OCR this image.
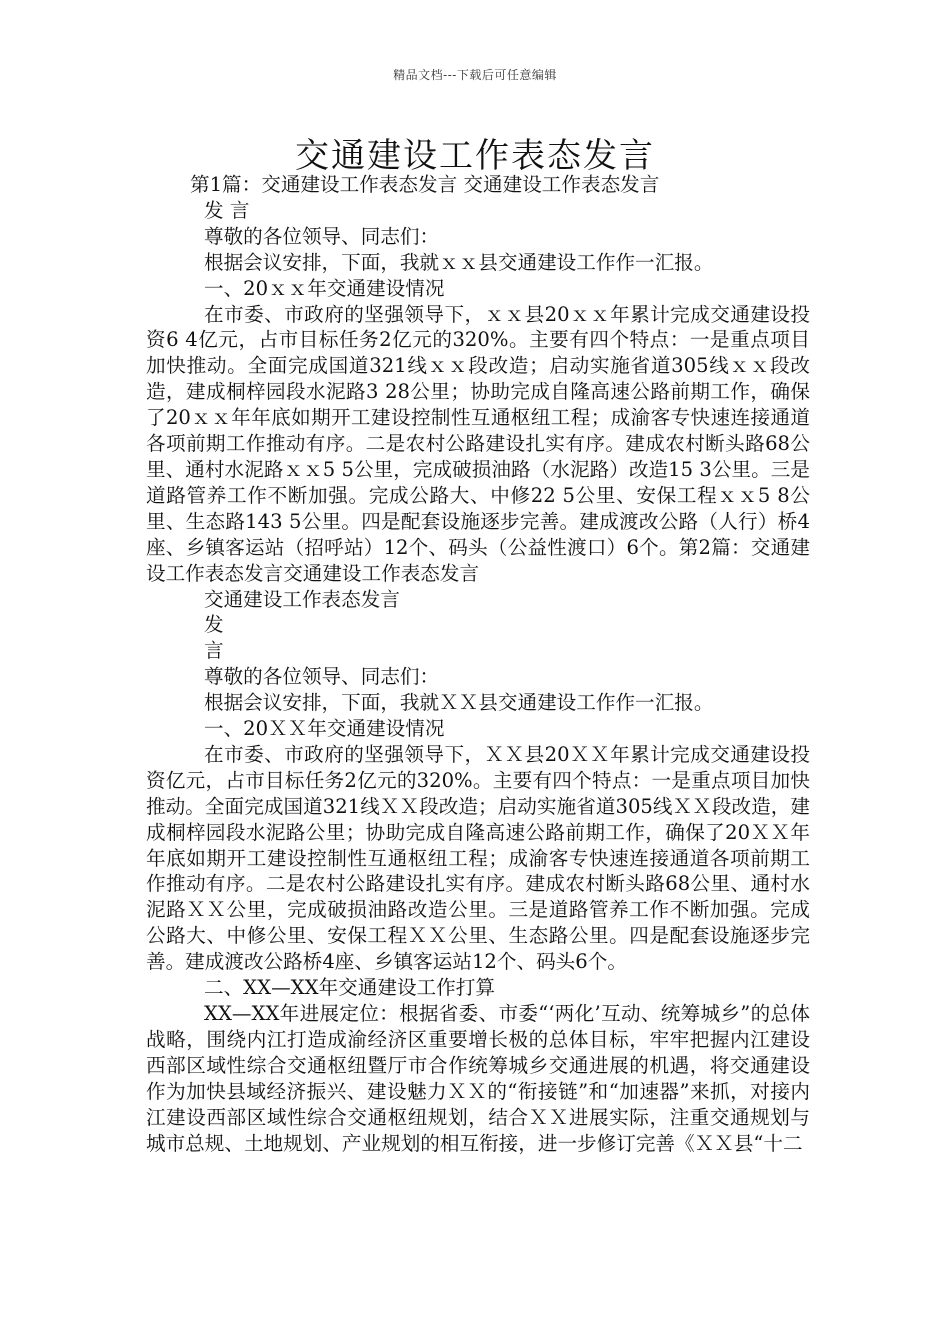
精品文档---下载后可任意编辑
交通建设工作表态发言

第1篇：交通建设工作表态发言 交通建设工作表态发言

发 言

尊敬的各位领导、同志们：

根据会议安排，下面，我就ｘｘ县交通建设工作作一汇报。

一、20ｘｘ年交通建设情况

在市委、市政府的坚强领导下，ｘｘ县20ｘｘ年累计完成交通建设投资6 4亿元，占市目标任务2亿元的320%。主要有四个特点：一是重点项目加快推动。全面完成国道321线ｘｘ段改造；启动实施省道305线ｘｘ段改造，建成桐梓园段水泥路3 28公里；协助完成自隆高速公路前期工作，确保了20ｘｘ年年底如期开工建设控制性互通枢纽工程；成渝客专快速连接通道各项前期工作推动有序。二是农村公路建设扎实有序。建成农村断头路68公里、通村水泥路ｘｘ5 5公里，完成破损油路（水泥路）改造15 3公里。三是道路管养工作不断加强。完成公路大、中修22 5公里、安保工程ｘｘ5 8公里、生态路143 5公里。四是配套设施逐步完善。建成渡改公路（人行）桥4座、乡镇客运站（招呼站）12个、码头（公益性渡口）6个。第2篇：交通建设工作表态发言交通建设工作表态发言

交通建设工作表态发言

发

言

尊敬的各位领导、同志们：

根据会议安排，下面，我就ＸＸ县交通建设工作作一汇报。

一、20ＸＸ年交通建设情况

在市委、市政府的坚强领导下，ＸＸ县20ＸＸ年累计完成交通建设投资亿元，占市目标任务2亿元的320%。主要有四个特点：一是重点项目加快推动。全面完成国道321线ＸＸ段改造；启动实施省道305线ＸＸ段改造，建成桐梓园段水泥路公里；协助完成自隆高速公路前期工作，确保了20ＸＸ年年底如期开工建设控制性互通枢纽工程；成渝客专快速连接通道各项前期工作推动有序。二是农村公路建设扎实有序。建成农村断头路68公里、通村水泥路ＸＸ公里，完成破损油路改造公里。三是道路管养工作不断加强。完成公路大、中修公里、安保工程ＸＸ公里、生态路公里。四是配套设施逐步完善。建成渡改公路桥4座、乡镇客运站12个、码头6个。

二、XX—XX年交通建设工作打算

XX—XX年进展定位：根据省委、市委“‘两化’互动、统筹城乡”的总体战略，围绕内江打造成渝经济区重要增长极的总体目标，牢牢把握内江建设西部区域性综合交通枢纽暨厅市合作统筹城乡交通进展的机遇，将交通建设作为加快县域经济振兴、建设魅力ＸＸ的“衔接链”和“加速器”来抓，对接内江建设西部区域性综合交通枢纽规划，结合ＸＸ进展实际，注重交通规划与城市总规、土地规划、产业规划的相互衔接，进一步修订完善《ＸＸ县“十二
